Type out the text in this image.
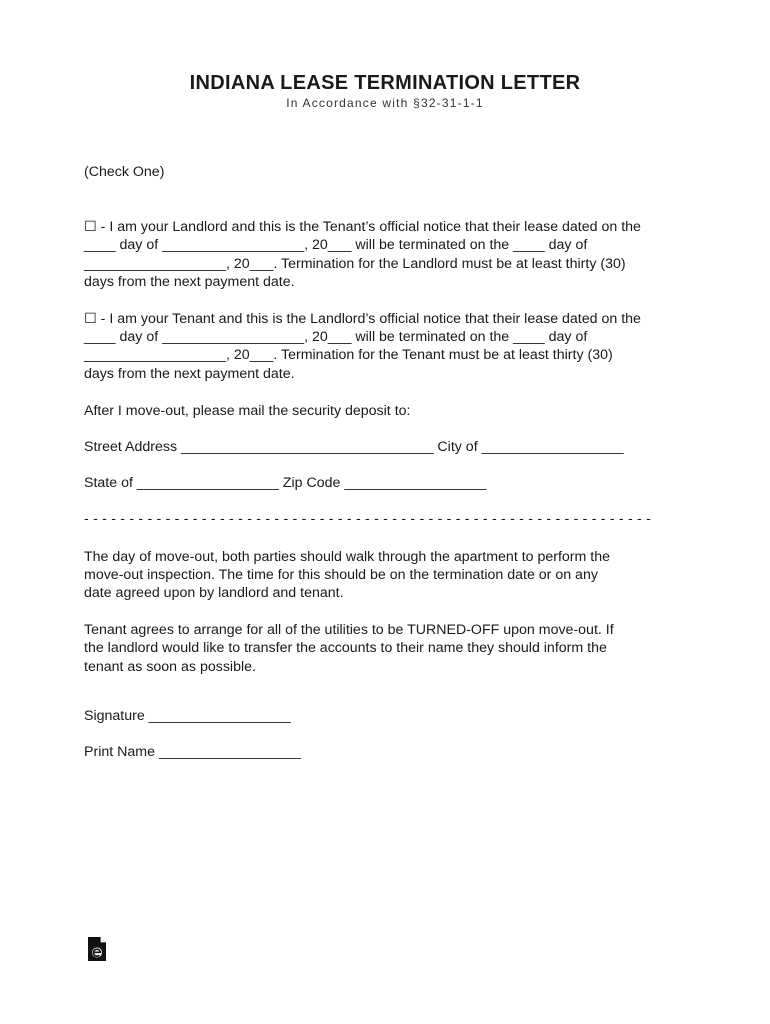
INDIANA LEASE TERMINATION LETTER
In Accordance with §32-31-1-1

(Check One)

☐ - I am your Landlord and this is the Tenant’s official notice that their lease dated on the
____ day of __________________, 20___ will be terminated on the ____ day of
__________________, 20___. Termination for the Landlord must be at least thirty (30)
days from the next payment date.

☐ - I am your Tenant and this is the Landlord’s official notice that their lease dated on the
____ day of __________________, 20___ will be terminated on the ____ day of
__________________, 20___. Termination for the Tenant must be at least thirty (30)
days from the next payment date.

After I move-out, please mail the security deposit to:

Street Address ________________________________ City of __________________

State of __________________ Zip Code __________________

- - - - - - - - - - - - - - - - - - - - - - - - - - - - - - - - - - - - - - - - - - - - - - - - - - - - - - - - - - - - - - -

The day of move-out, both parties should walk through the apartment to perform the
move-out inspection. The time for this should be on the termination date or on any
date agreed upon by landlord and tenant.

Tenant agrees to arrange for all of the utilities to be TURNED-OFF upon move-out. If
the landlord would like to transfer the accounts to their name they should inform the
tenant as soon as possible.

Signature __________________

Print Name __________________
